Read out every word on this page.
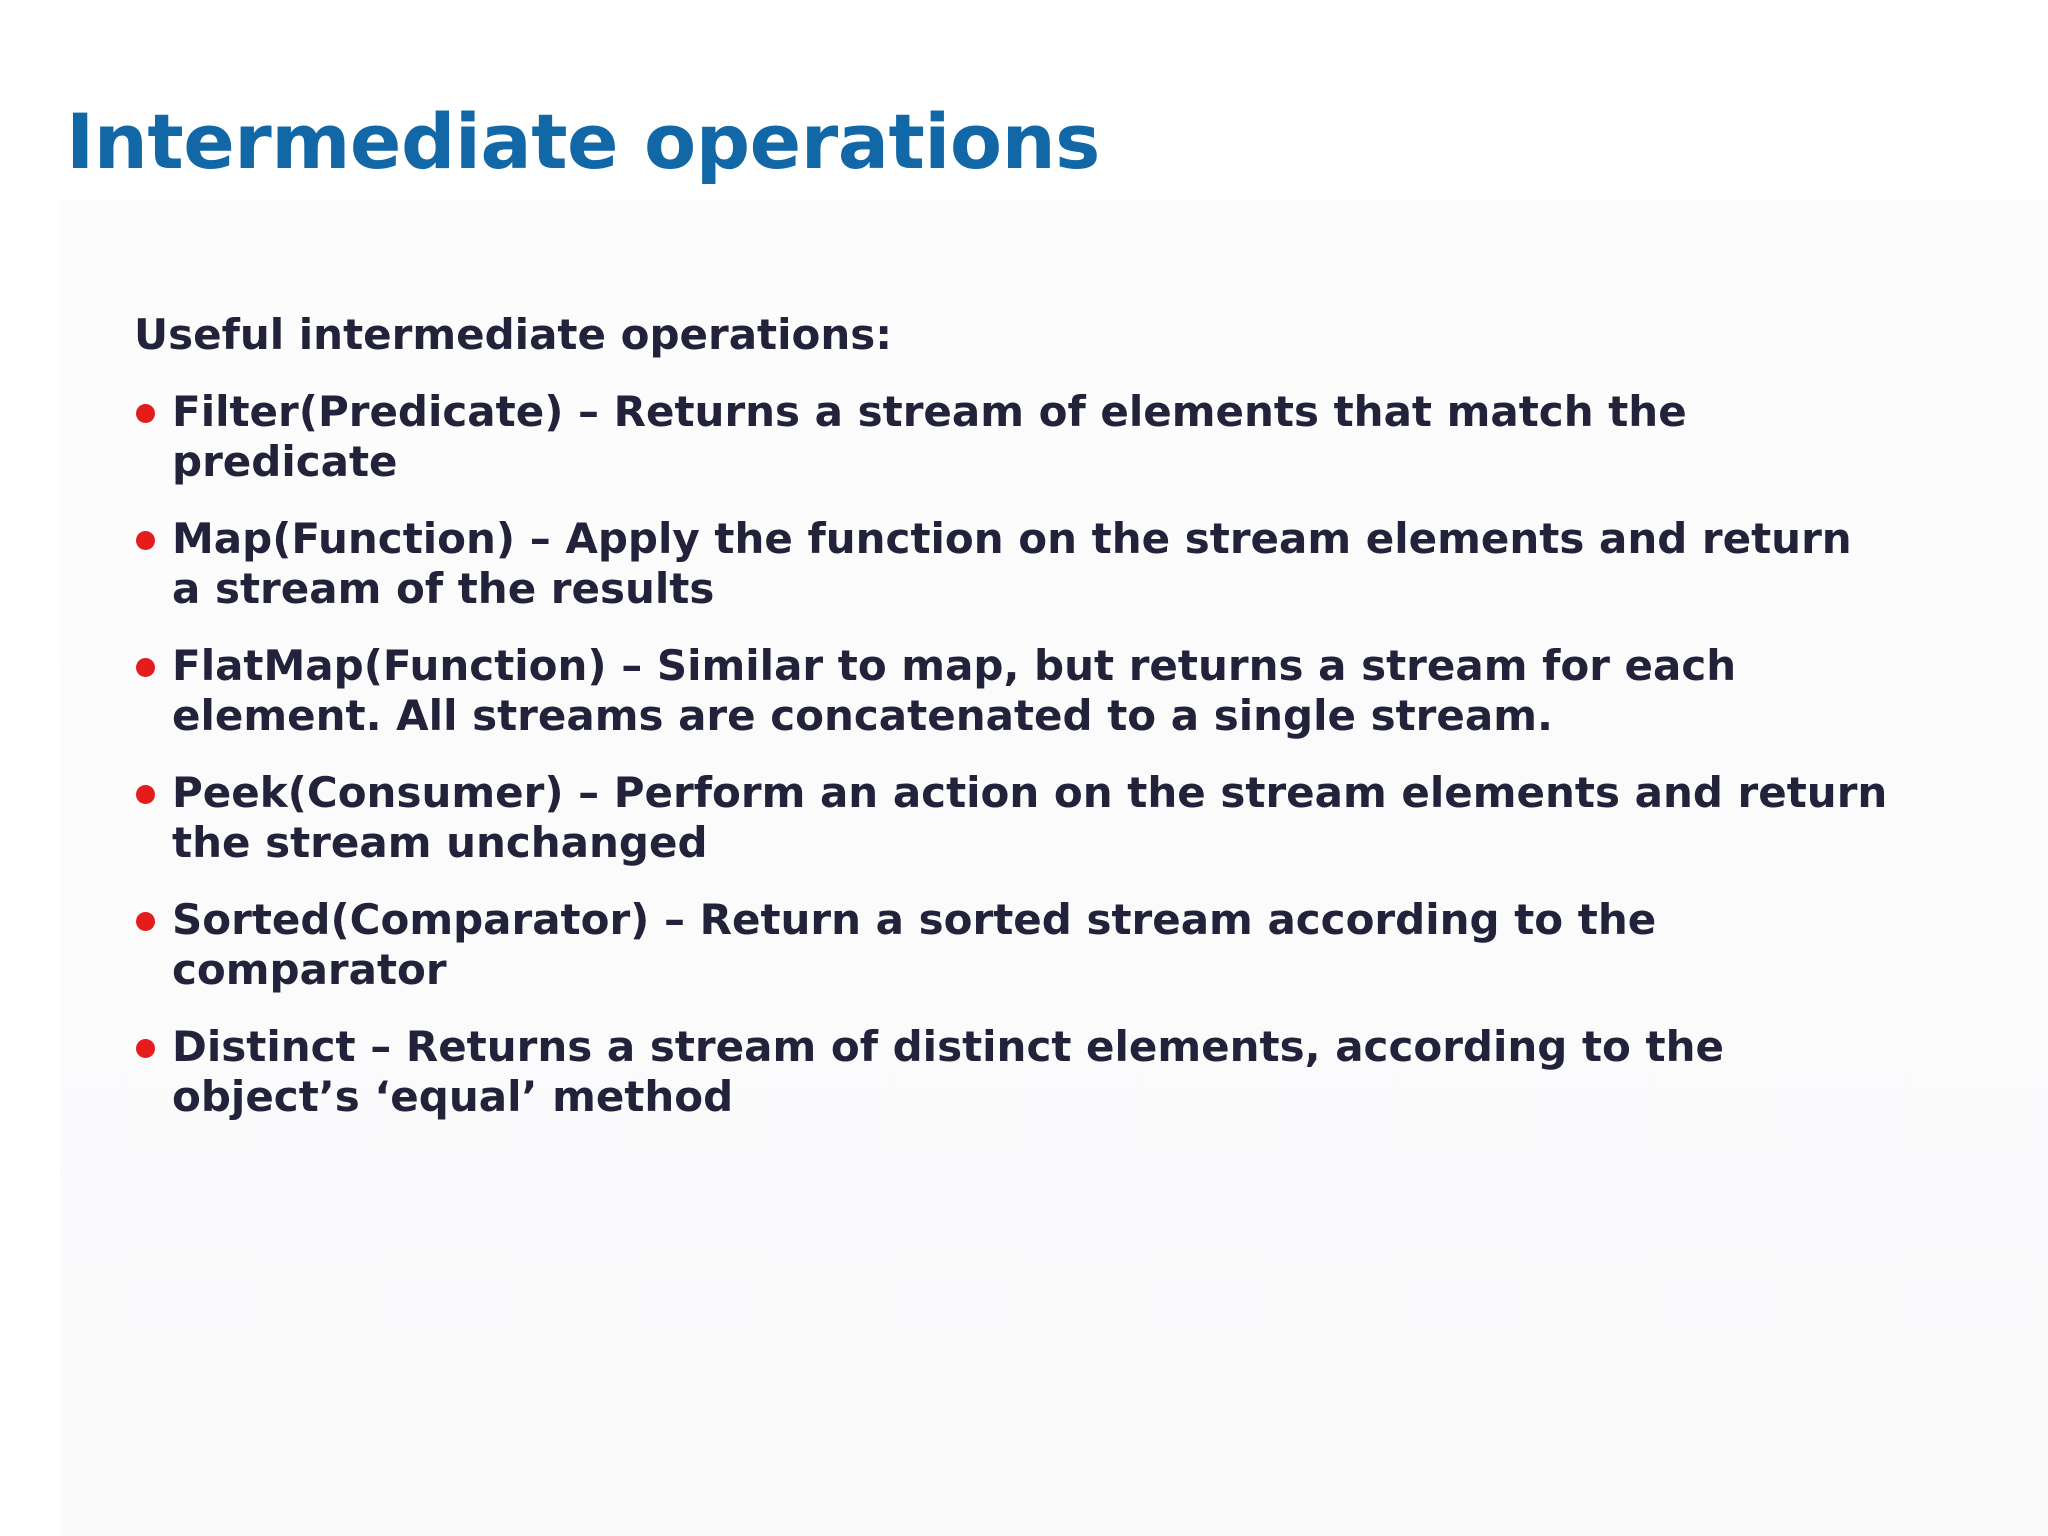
Intermediate operations

Useful intermediate operations:

Filter(Predicate) – Returns a stream of elements that match the predicate
Map(Function) – Apply the function on the stream elements and return a stream of the results
FlatMap(Function) – Similar to map, but returns a stream for each element. All streams are concatenated to a single stream.
Peek(Consumer) – Perform an action on the stream elements and return the stream unchanged
Sorted(Comparator) – Return a sorted stream according to the comparator
Distinct – Returns a stream of distinct elements, according to the object’s ‘equal’ method
